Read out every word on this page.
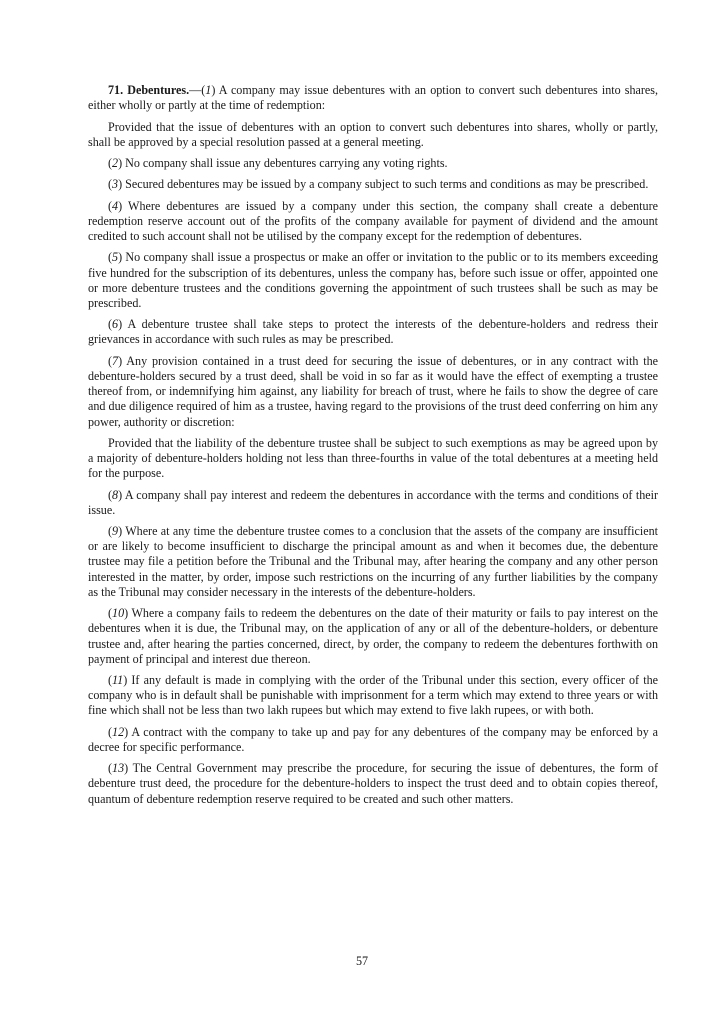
71. Debentures.—(1) A company may issue debentures with an option to convert such debentures into shares, either wholly or partly at the time of redemption:

Provided that the issue of debentures with an option to convert such debentures into shares, wholly or partly, shall be approved by a special resolution passed at a general meeting.

(2) No company shall issue any debentures carrying any voting rights.

(3) Secured debentures may be issued by a company subject to such terms and conditions as may be prescribed.

(4) Where debentures are issued by a company under this section, the company shall create a debenture redemption reserve account out of the profits of the company available for payment of dividend and the amount credited to such account shall not be utilised by the company except for the redemption of debentures.

(5) No company shall issue a prospectus or make an offer or invitation to the public or to its members exceeding five hundred for the subscription of its debentures, unless the company has, before such issue or offer, appointed one or more debenture trustees and the conditions governing the appointment of such trustees shall be such as may be prescribed.

(6) A debenture trustee shall take steps to protect the interests of the debenture-holders and redress their grievances in accordance with such rules as may be prescribed.

(7) Any provision contained in a trust deed for securing the issue of debentures, or in any contract with the debenture-holders secured by a trust deed, shall be void in so far as it would have the effect of exempting a trustee thereof from, or indemnifying him against, any liability for breach of trust, where he fails to show the degree of care and due diligence required of him as a trustee, having regard to the provisions of the trust deed conferring on him any power, authority or discretion:

Provided that the liability of the debenture trustee shall be subject to such exemptions as may be agreed upon by a majority of debenture-holders holding not less than three-fourths in value of the total debentures at a meeting held for the purpose.

(8) A company shall pay interest and redeem the debentures in accordance with the terms and conditions of their issue.

(9) Where at any time the debenture trustee comes to a conclusion that the assets of the company are insufficient or are likely to become insufficient to discharge the principal amount as and when it becomes due, the debenture trustee may file a petition before the Tribunal and the Tribunal may, after hearing the company and any other person interested in the matter, by order, impose such restrictions on the incurring of any further liabilities by the company as the Tribunal may consider necessary in the interests of the debenture-holders.

(10) Where a company fails to redeem the debentures on the date of their maturity or fails to pay interest on the debentures when it is due, the Tribunal may, on the application of any or all of the debenture-holders, or debenture trustee and, after hearing the parties concerned, direct, by order, the company to redeem the debentures forthwith on payment of principal and interest due thereon.

(11) If any default is made in complying with the order of the Tribunal under this section, every officer of the company who is in default shall be punishable with imprisonment for a term which may extend to three years or with fine which shall not be less than two lakh rupees but which may extend to five lakh rupees, or with both.

(12) A contract with the company to take up and pay for any debentures of the company may be enforced by a decree for specific performance.

(13) The Central Government may prescribe the procedure, for securing the issue of debentures, the form of debenture trust deed, the procedure for the debenture-holders to inspect the trust deed and to obtain copies thereof, quantum of debenture redemption reserve required to be created and such other matters.

57
